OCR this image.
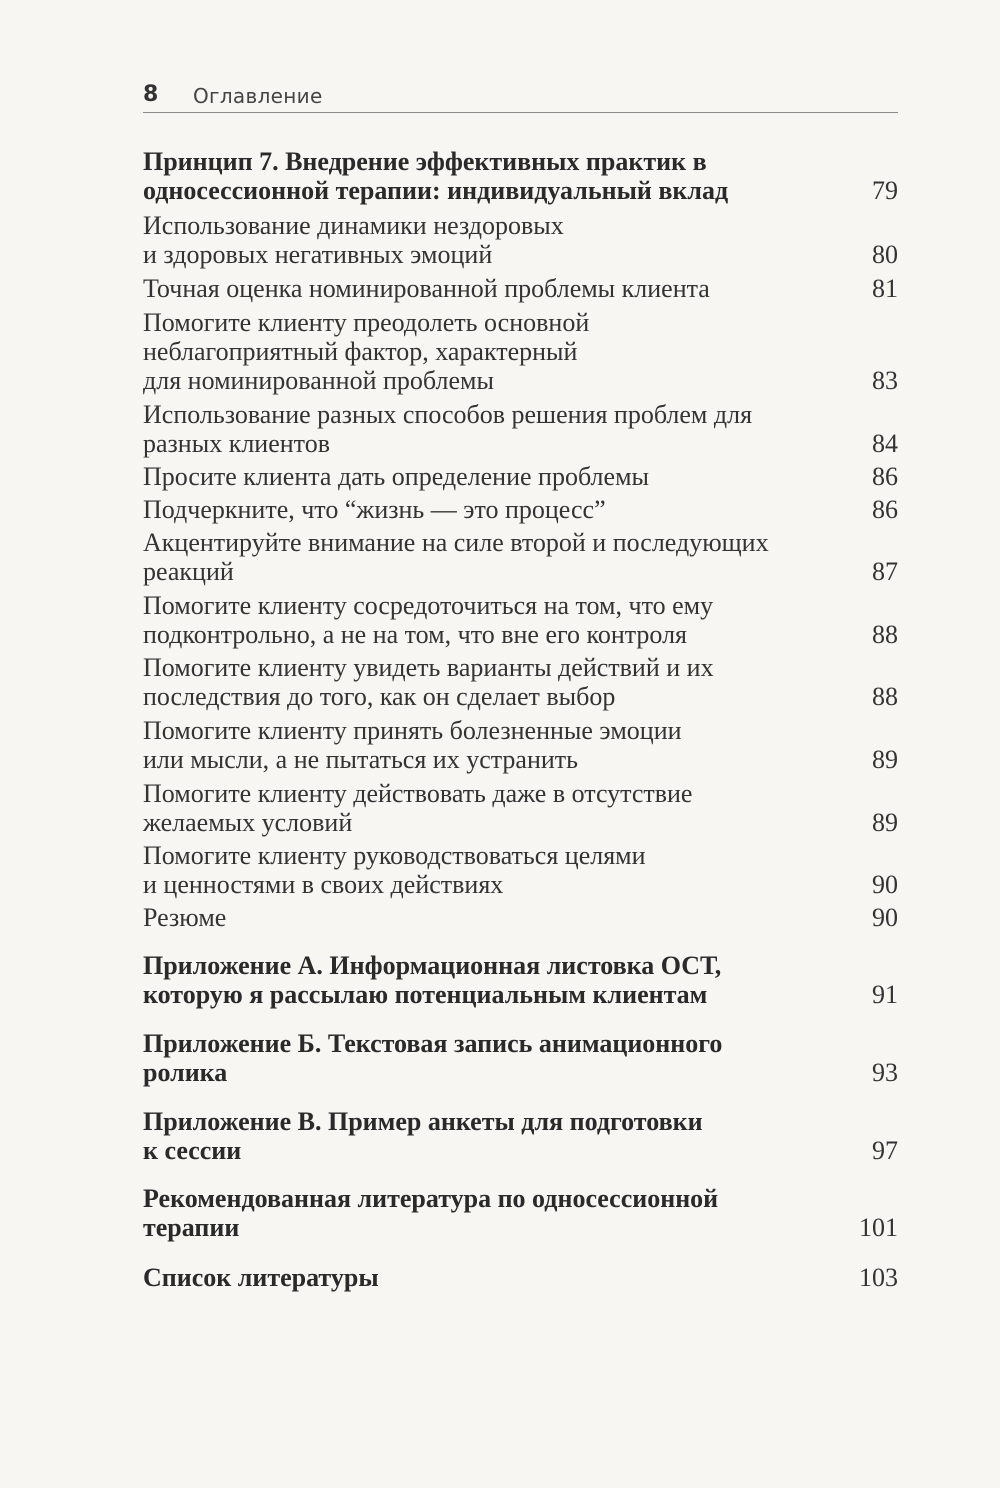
8 Оглавление
Принцип 7. Внедрение эффективных практик в
односессионной терапии: индивидуальный вклад	79
Использование динамики нездоровых
и здоровых негативных эмоций	80
Точная оценка номинированной проблемы клиента	81
Помогите клиенту преодолеть основной
неблагоприятный фактор, характерный
для номинированной проблемы	83
Использование разных способов решения проблем для
разных клиентов	84
Просите клиента дать определение проблемы	86
Подчеркните, что “жизнь — это процесс”	86
Акцентируйте внимание на силе второй и последующих
реакций	87
Помогите клиенту сосредоточиться на том, что ему
подконтрольно, а не на том, что вне его контроля	88
Помогите клиенту увидеть варианты действий и их
последствия до того, как он сделает выбор	88
Помогите клиенту принять болезненные эмоции
или мысли, а не пытаться их устранить	89
Помогите клиенту действовать даже в отсутствие
желаемых условий	89
Помогите клиенту руководствоваться целями
и ценностями в своих действиях	90
Резюме	90
Приложение А. Информационная листовка ОСТ,
которую я рассылаю потенциальным клиентам	91
Приложение Б. Текстовая запись анимационного
ролика	93
Приложение В. Пример анкеты для подготовки
к сессии	97
Рекомендованная литература по односессионной
терапии	101
Список литературы	103
